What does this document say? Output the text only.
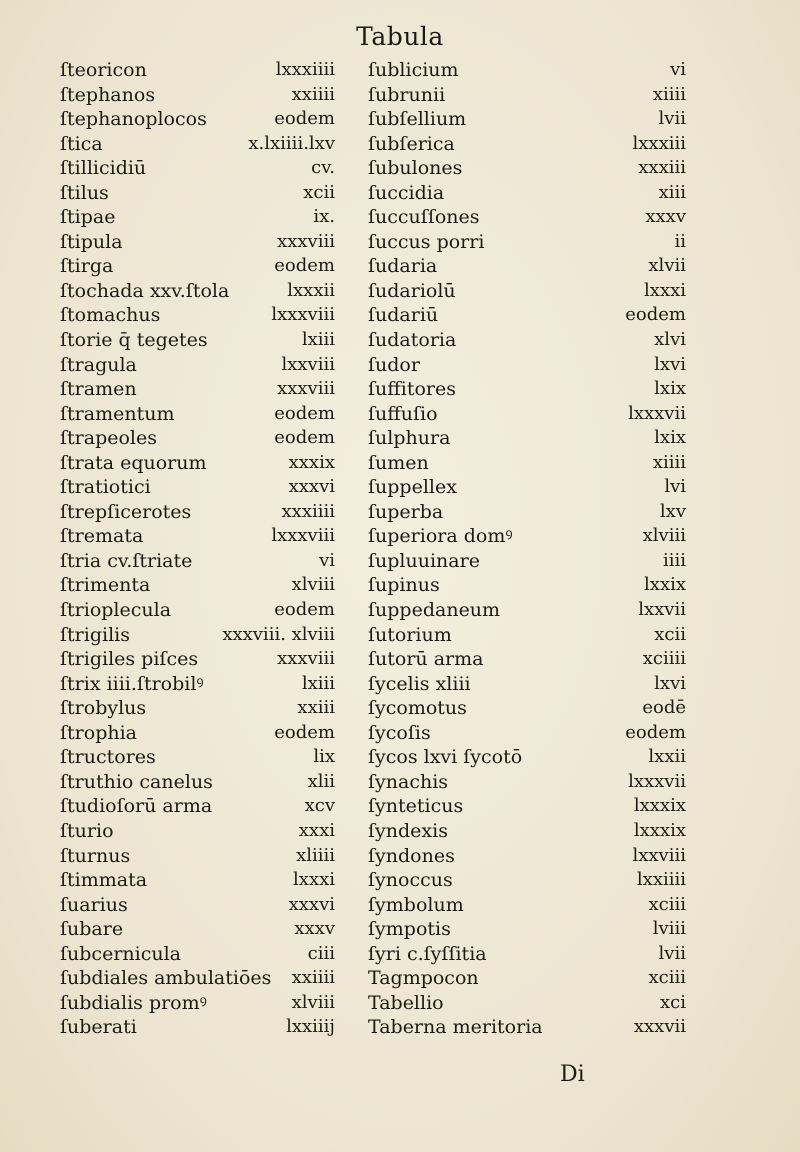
Tabula
ſteoricon	lxxxiiii
ſtephanos	xxiiii
ſtephanoplocos	eodem
ſtica	x.lxiiii.lxv
ſtillicidiū	cv.
ſtilus	xcii
ſtipae	ix.
ſtipula	xxxviii
ſtirga	eodem
ſtochada xxv.ſtola	lxxxii
ſtomachus	lxxxviii
ſtorie q̄ tegetes	lxiii
ſtragula	lxxviii
ſtramen	xxxviii
ſtramentum	eodem
ſtrapeoles	eodem
ſtrata equorum	xxxix
ſtratiotici	xxxvi
ſtrepſicerotes	xxxiiii
ſtremata	lxxxviii
ſtria cv.ſtriate	vi
ſtrimenta	xlviii
ſtrioplecula	eodem
ſtrigilis	xxxviii. xlviii
ſtrigiles piſces	xxxviii
ſtrix iiii.ſtrobilꝰ	lxiii
ſtrobylus	xxiii
ſtrophia	eodem
ſtructores	lix
ſtruthio canelus	xlii
ſtudioſorū arma	xcv
ſturio	xxxi
ſturnus	xliiii
ſtimmata	lxxxi
ſuarius	xxxvi
ſubare	xxxv
ſubcernicula	ciii
ſubdiales ambulatiōes xxiiii
ſubdialis promꝰ	xlviii
ſuberati	lxxiiij
ſublicium	vi
ſubrunii	xiiii
ſubſellium	lvii
ſubſerica	lxxxiii
ſubulones	xxxiii
ſuccidia	xiii
ſuccuſſones	xxxv
ſuccus porri	ii
ſudaria	xlvii
ſudariolū	lxxxi
ſudariū	eodem
ſudatoria	xlvi
ſudor	lxvi
ſuffitores	lxix
ſuffuſio	lxxxvii
ſulphura	lxix
ſumen	xiiii
ſuppellex	lvi
ſuperba	lxv
ſuperiora domꝰ	xlviii
ſupluuinare	iiii
ſupinus	lxxix
ſuppedaneum	lxxvii
ſutorium	xcii
ſutorū arma	xciiii
ſycelis xliii	lxvi
ſycomotus	eodē
ſycoſis	eodem
ſycos lxvi ſycotō	lxxii
ſynachis	lxxxvii
ſynteticus	lxxxix
ſyndexis	lxxxix
ſyndones	lxxviii
ſynoccus	lxxiiii
ſymbolum	xciii
ſympotis	lviii
ſyri c.ſyſſitia	lvii
Tagmpocon	xciii
Tabellio	xci
Taberna meritoria	xxxvii
Di
